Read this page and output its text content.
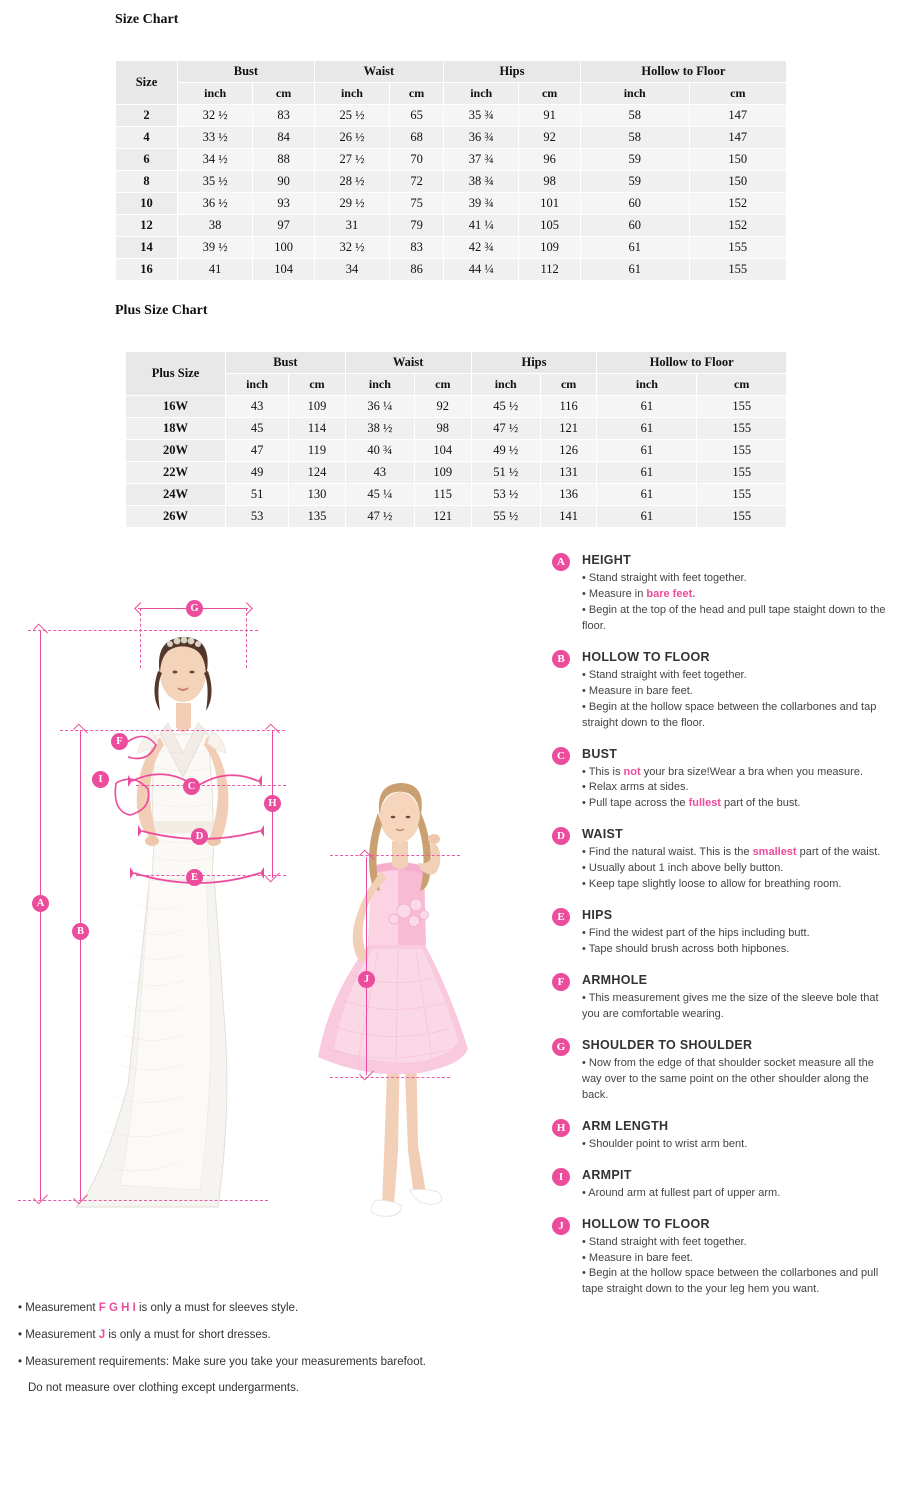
Size Chart
Plus Size Chart
Size	Bust		Waist		Hips		Hollow to Floor	
	inch	cm	inch	cm	inch	cm	inch	cm
2	32 ½	83	25 ½	65	35 ¾	91	58	147
4	33 ½	84	26 ½	68	36 ¾	92	58	147
6	34 ½	88	27 ½	70	37 ¾	96	59	150
8	35 ½	90	28 ½	72	38 ¾	98	59	150
10	36 ½	93	29 ½	75	39 ¾	101	60	152
12	38	97	31	79	41 ¼	105	60	152
14	39 ½	100	32 ½	83	42 ¾	109	61	155
16	41	104	34	86	44 ¼	112	61	155
Plus Size	Bust		Waist		Hips		Hollow to Floor	
	inch	cm	inch	cm	inch	cm	inch	cm
16W	43	109	36 ¼	92	45 ½	116	61	155
18W	45	114	38 ½	98	47 ½	121	61	155
20W	47	119	40 ¾	104	49 ½	126	61	155
22W	49	124	43	109	51 ½	131	61	155
24W	51	130	45 ¼	115	53 ½	136	61	155
26W	53	135	47 ½	121	55 ½	141	61	155
A
B
G
F
I
C
D
E
H
J
A	HEIGHT
• Stand straight with feet together.
• Measure in bare feet.
• Begin at the top of the head and pull tape staight down to the floor.
B	HOLLOW TO FLOOR
• Stand straight with feet together.
• Measure in bare feet.
• Begin at the hollow space between the collarbones and tap straight down to the floor.
C	BUST
• This is not your bra size!Wear a bra when you measure.
• Relax arms at sides.
• Pull tape across the fullest part of the bust.
D	WAIST
• Find the natural waist. This is the smallest part of the waist.
• Usually about 1 inch above belly button.
• Keep tape slightly loose to allow for breathing room.
E	HIPS
• Find the widest part of the hips including butt.
• Tape should brush across both hipbones.
F	ARMHOLE
• This measurement gives me the size of the sleeve bole that you are comfortable wearing.
G	SHOULDER TO SHOULDER
• Now from the edge of that shoulder socket measure all the way over to the same point on the other shoulder along the back.
H	ARM LENGTH
• Shoulder point to wrist arm bent.
I	ARMPIT
• Around arm at fullest part of upper arm.
J	HOLLOW TO FLOOR
• Stand straight with feet together.
• Measure in bare feet.
• Begin at the hollow space between the collarbones and pull tape straight down to the your leg hem you want.
• Measurement F G H I is only a must for sleeves style.
• Measurement J is only a must for short dresses.
• Measurement requirements: Make sure you take your measurements barefoot.
Do not measure over clothing except undergarments.
